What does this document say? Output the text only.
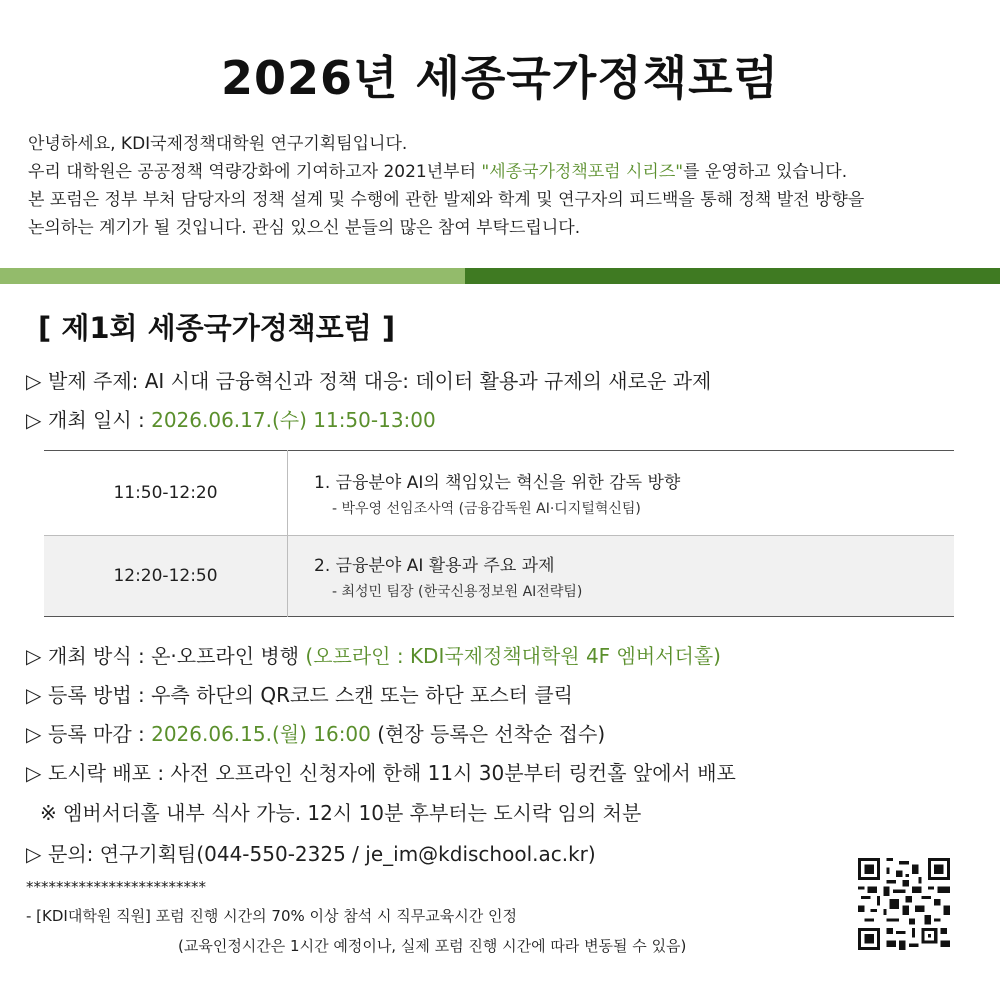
2026년 세종국가정책포럼
안녕하세요, KDI국제정책대학원 연구기획팀입니다.
우리 대학원은 공공정책 역량강화에 기여하고자 2021년부터 "세종국가정책포럼 시리즈"를 운영하고 있습니다.
본 포럼은 정부 부처 담당자의 정책 설계 및 수행에 관한 발제와 학계 및 연구자의 피드백을 통해 정책 발전 방향을
논의하는 계기가 될 것입니다. 관심 있으신 분들의 많은 참여 부탁드립니다.
[ 제1회 세종국가정책포럼 ]
▷ 발제 주제: AI 시대 금융혁신과 정책 대응: 데이터 활용과 규제의 새로운 과제
▷ 개최 일시 : 2026.06.17.(수) 11:50-13:00
11:50-12:20	1. 금융분야 AI의 책임있는 혁신을 위한 감독 방향
- 박우영 선임조사역 (금융감독원 AI·디지털혁신팀)

12:20-12:50	2. 금융분야 AI 활용과 주요 과제
- 최성민 팀장 (한국신용정보원 AI전략팀)
▷ 개최 방식 : 온·오프라인 병행 (오프라인 : KDI국제정책대학원 4F 엠버서더홀)
▷ 등록 방법 : 우측 하단의 QR코드 스캔 또는 하단 포스터 클릭
▷ 등록 마감 : 2026.06.15.(월) 16:00 (현장 등록은 선착순 접수)
▷ 도시락 배포 : 사전 오프라인 신청자에 한해 11시 30분부터 링컨홀 앞에서 배포
※ 엠버서더홀 내부 식사 가능. 12시 10분 후부터는 도시락 임의 처분
▷ 문의: 연구기획팀(044-550-2325 / je_im@kdischool.ac.kr)
************************
- [KDI대학원 직원] 포럼 진행 시간의 70% 이상 참석 시 직무교육시간 인정
(교육인정시간은 1시간 예정이나, 실제 포럼 진행 시간에 따라 변동될 수 있음)
